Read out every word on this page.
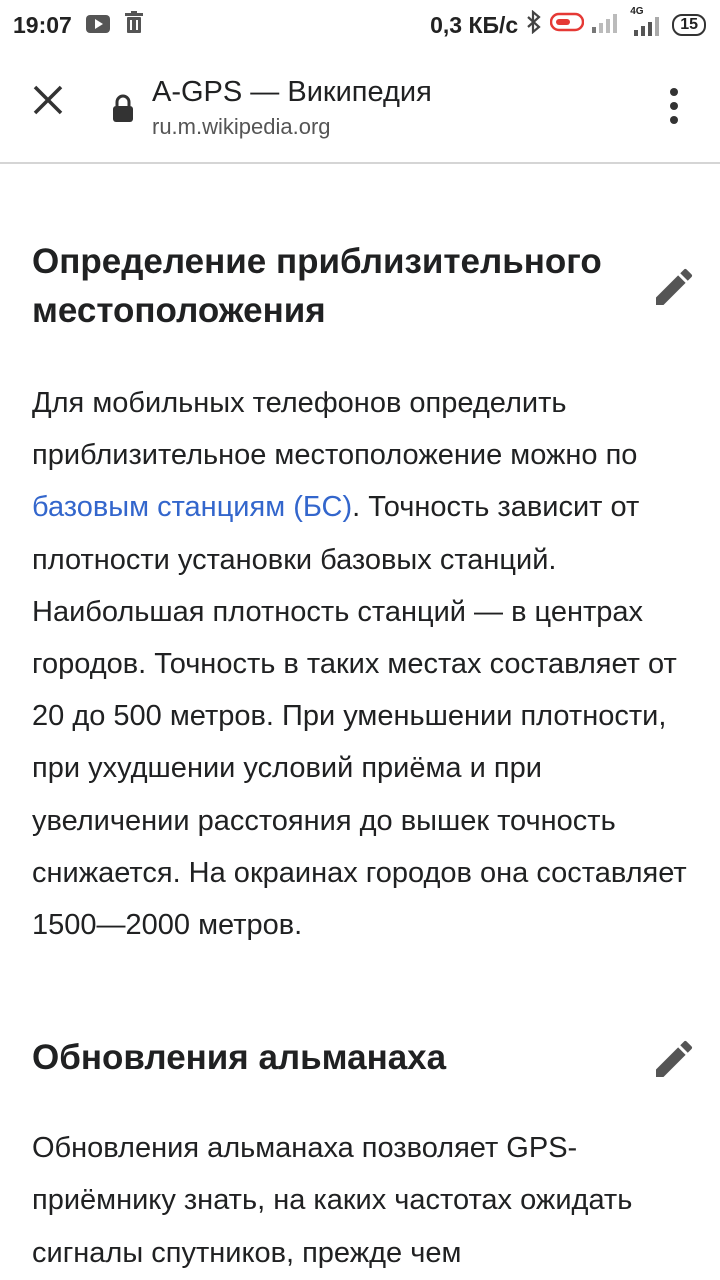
19:07	0,3 КБ/с	4G
15
A-GPS — Википедия
ru.m.wikipedia.org
Определение приблизительного местоположения

Для мобильных телефонов определить приблизительное местоположение можно по базовым станциям (БС). Точность зависит от плотности установки базовых станций. Наибольшая плотность станций — в центрах городов. Точность в таких местах составляет от 20 до 500 метров. При уменьшении плотности, при ухудшении условий приёма и при увеличении расстояния до вышек точность снижается. На окраинах городов она составляет 1500—2000 метров.

Обновления альманаха

Обновления альманаха позволяет GPS-приёмнику знать, на каких частотах ожидать сигналы спутников, прежде чем
